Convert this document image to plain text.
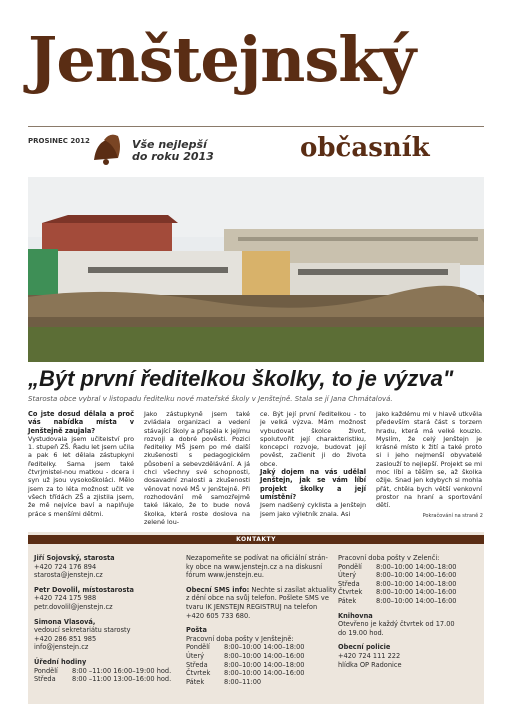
Jenštejnský
PROSINEC 2012	Vše nejlepší
do roku 2013	občasník
„Být první ředitelkou školky, to je výzva"
Starosta obce vybral v listopadu ředitelku nové mateřské školy v Jenštejně. Stala se jí Jana Chmátalová.
Co jste dosud dělala a proč vás nabídka místa v Jenštejně zaujala?
Vystudovala jsem učitelství pro 1. stupeň ZŠ. Řadu let jsem učila a pak 6 let dělala zástupkyni ředitelky. Sama jsem také čtvrjmistel-nou matkou - dcera i syn už jsou vysokoškoláci. Mělo jsem za to léta možnost učit ve všech třídách ZŠ a zjistila jsem, že mě nejvíce baví a naplňuje práce s menšími dětmi.
Jako zástupkyně jsem také zvládala organizaci a vedení stávající školy a přispěla k jejímu rozvoji a dobré pověsti. Pozici ředitelky MŠ jsem po mé další zkušenosti s pedagogickém působení a sebevzdělávání. A já chci všechny své schopnosti, dosavadní znalosti a zkušenosti věnovat nové MŠ v Jenštejně. Při rozhodování mě samozřejmě také lákalo, že to bude nová školka, která roste doslova na zelené lou-
ce. Být její první ředitelkou - to je velká výzva. Mám možnost vybudovat školce život, spolutvořit její charakteristiku, koncepci rozvoje, budovat její pověst, začlenit ji do života obce.
Jaký dojem na vás udělal Jenštejn, jak se vám líbí projekt školky a její umístění?
Jsem nadšený cyklista a Jenštejn jsem jako výletník znala. Asi
jako každému mi v hlavě utkvěla především stará část s torzem hradu, která má velké kouzlo. Myslím, že celý Jenštejn je krásné místo k žití a také proto si i jeho nejmenší obyvatelé zaslouží to nejlepší. Projekt se mi moc líbí a těším se, až školka ožije. Snad jen kdybych si mohla přát, chtěla bych větší venkovní prostor na hraní a sportování dětí.
Pokračování na straně 2
KONTAKTY
Jiří Sojovský, starosta
+420 724 176 894
starosta@jenstejn.cz
Petr Dovolil, místostarosta
+420 724 175 988
petr.dovolil@jenstejn.cz
Simona Vlasová,
vedoucí sekretariátu starosty
+420 286 851 985
info@jenstejn.cz
Úřední hodiny
Pondělí	8:00 –11:00 16:00–19:00 hod.
Středa	8:00 –11:00 13:00–16:00 hod.
Nezapomeňte se podívat na oficiální strán-
ky obce na www.jenstejn.cz a na diskusní
fórum www.jenstejn.eu.
Obecní SMS info: Nechte si zasílat aktuality
z dění obce na svůj telefon. Pošlete SMS ve
tvaru IK JENSTEJN REGISTRUJ na telefon
+420 605 733 680.
Pošta
Pracovní doba pošty v Jenštejně:
Pondělí	8:00–10:00 14:00–18:00
Úterý	8:00–10:00 14:00–16:00
Středa	8:00–10:00 14:00–18:00
Čtvrtek	8:00–10:00 14:00–16:00
Pátek	8:00–11:00
Pracovní doba pošty v Zelenči:
Pondělí	8:00–10:00 14:00–18:00
Úterý	8:00–10:00 14:00–16:00
Středa	8:00–10:00 14:00–18:00
Čtvrtek	8:00–10:00 14:00–16:00
Pátek	8:00–10:00 14:00–16:00
Knihovna
Otevřeno je každý čtvrtek od 17.00
do 19.00 hod.
Obecní policie
+420 724 111 222
hlídka OP Radonice
